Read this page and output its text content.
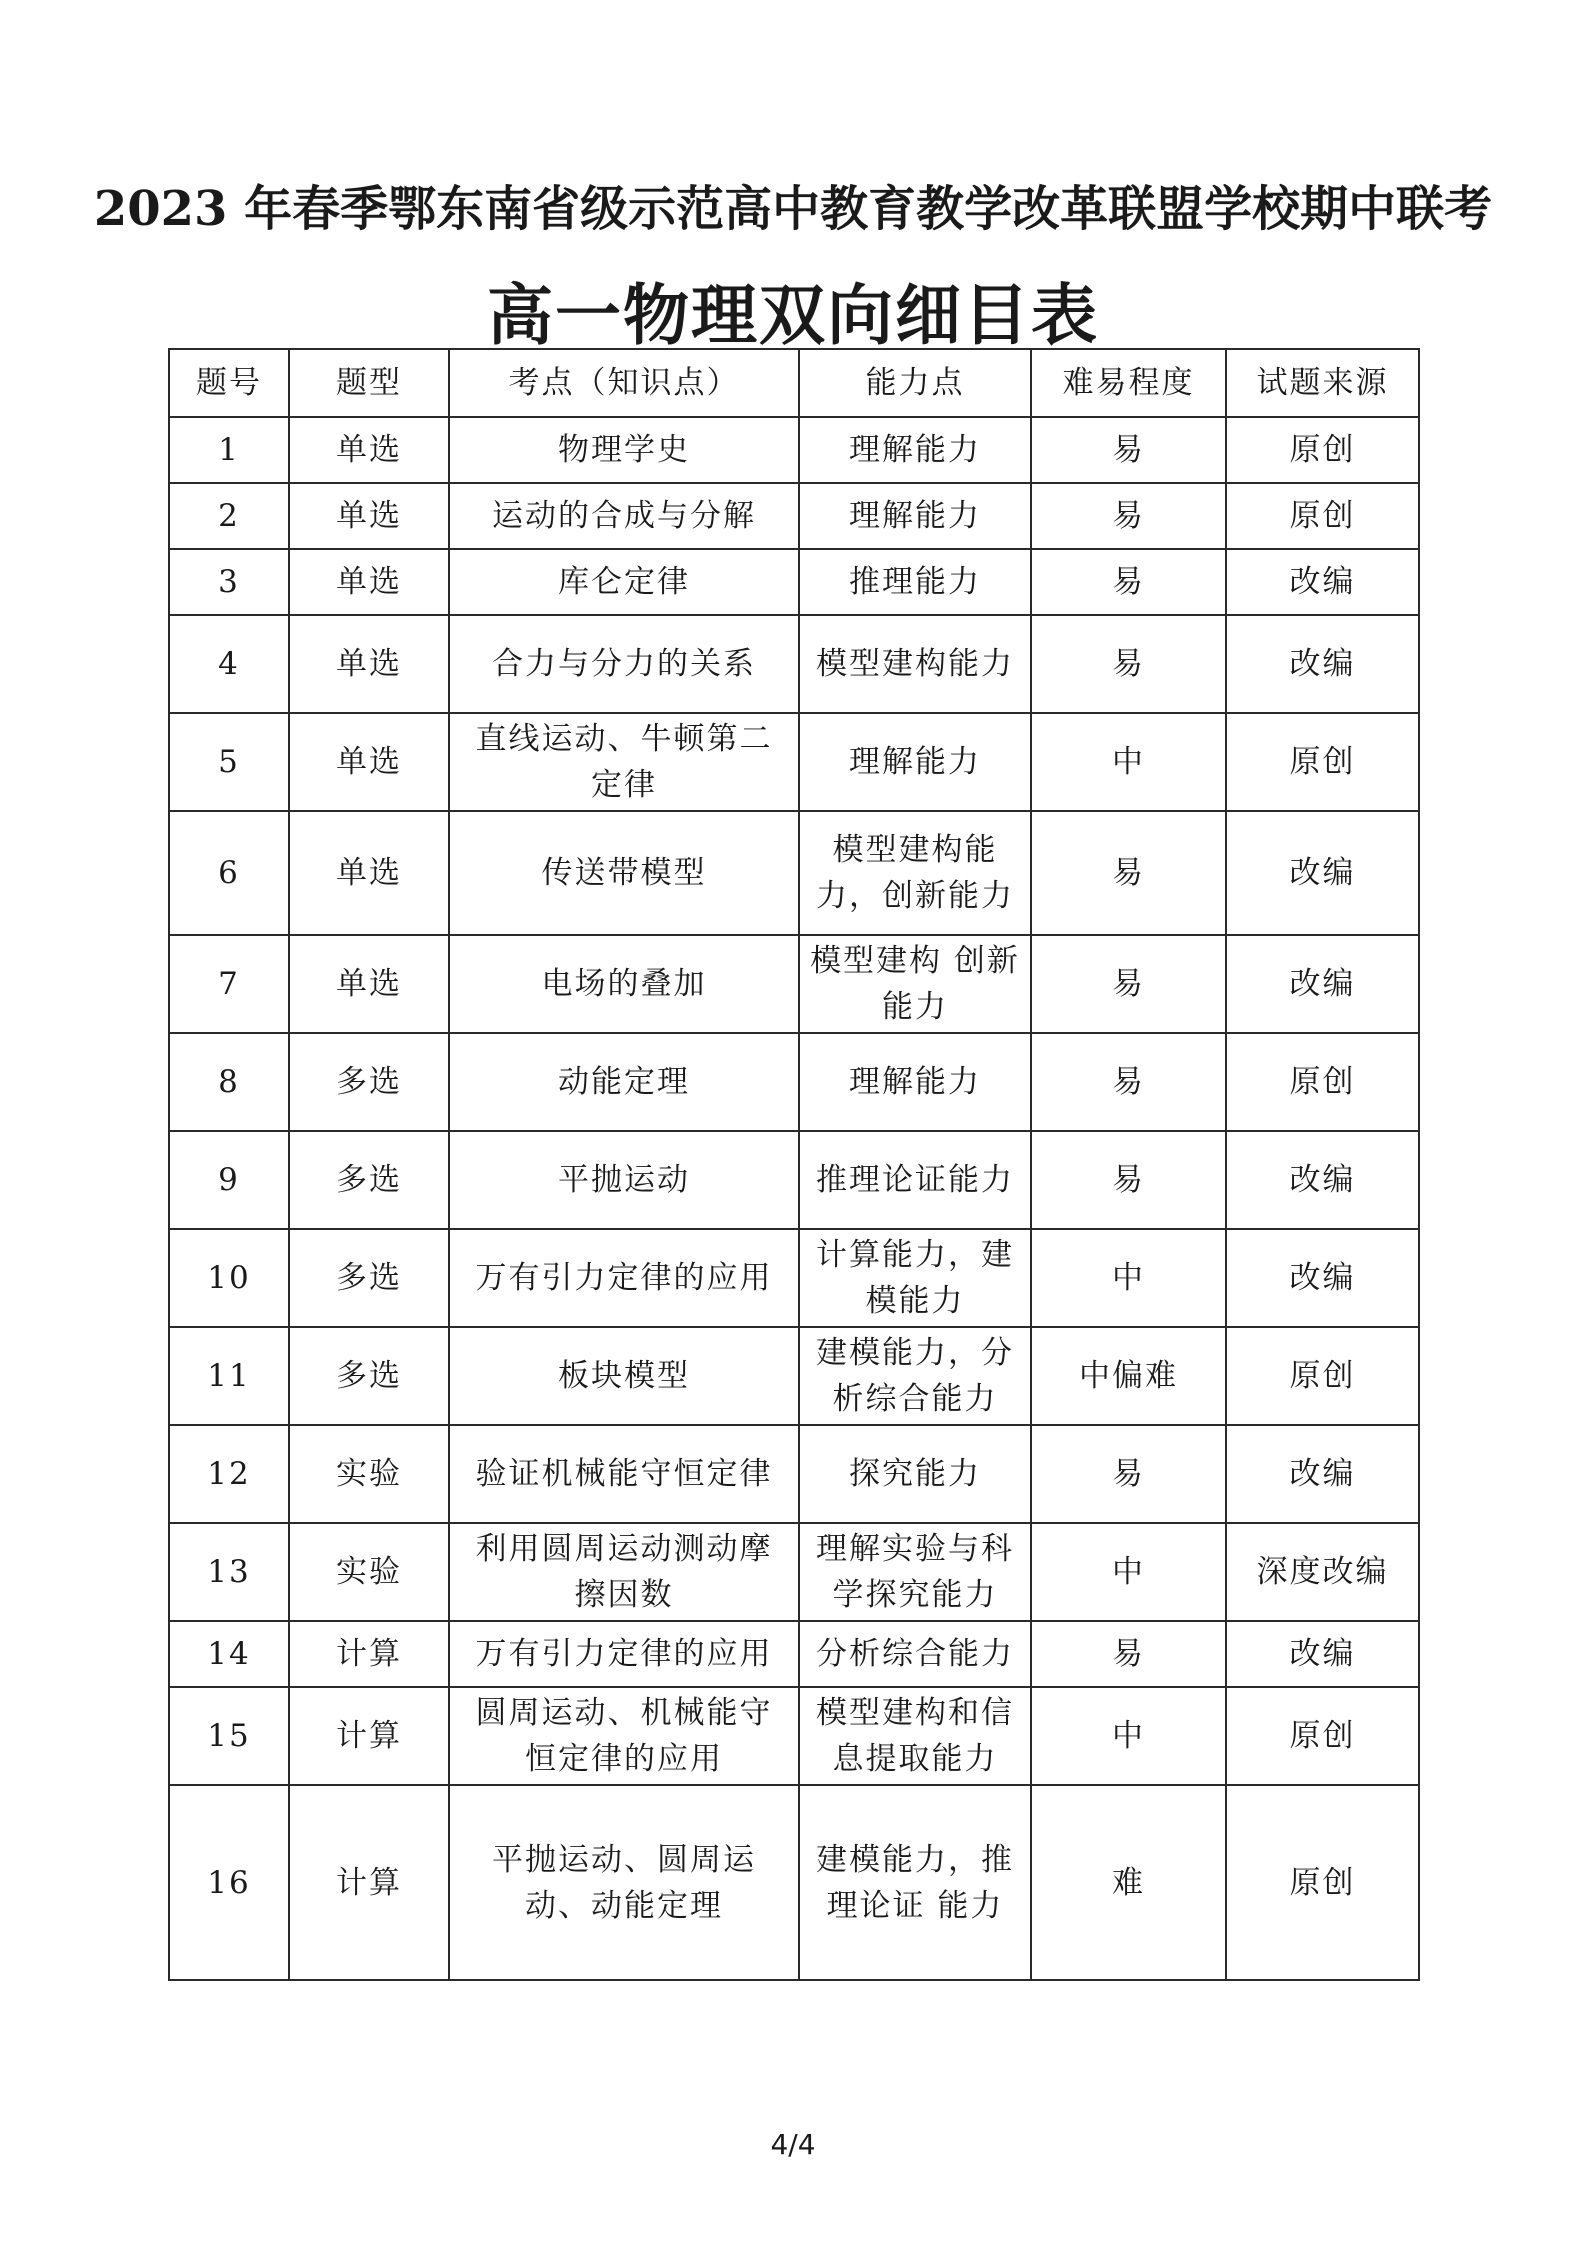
2023 年春季鄂东南省级示范高中教育教学改革联盟学校期中联考
高一物理双向细目表
题号	题型	考点（知识点）	能力点	难易程度	试题来源
1	单选	物理学史	理解能力	易	原创
2	单选	运动的合成与分解	理解能力	易	原创
3	单选	库仑定律	推理能力	易	改编
4	单选	合力与分力的关系	模型建构能力	易	改编
5	单选	直线运动、牛顿第二定律	理解能力	中	原创
6	单选	传送带模型	模型建构能力，创新能力	易	改编
7	单选	电场的叠加	模型建构 创新能力	易	改编
8	多选	动能定理	理解能力	易	原创
9	多选	平抛运动	推理论证能力	易	改编
10	多选	万有引力定律的应用	计算能力，建模能力	中	改编
11	多选	板块模型	建模能力，分析综合能力	中偏难	原创
12	实验	验证机械能守恒定律	探究能力	易	改编
13	实验	利用圆周运动测动摩擦因数	理解实验与科学探究能力	中	深度改编
14	计算	万有引力定律的应用	分析综合能力	易	改编
15	计算	圆周运动、机械能守恒定律的应用	模型建构和信息提取能力	中	原创
16	计算	平抛运动、圆周运动、动能定理	建模能力，推理论证 能力	难	原创
4/4
